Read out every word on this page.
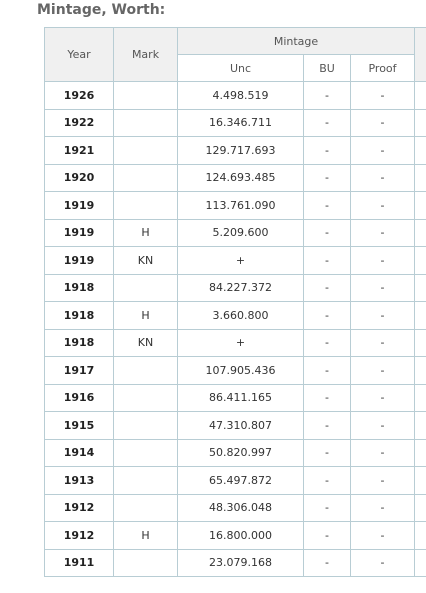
Mintage, Worth:
Year	Mark	Mintage			
		Unc	BU	Proof	
1926		4.498.519	-	-	
1922		16.346.711	-	-	
1921		129.717.693	-	-	
1920		124.693.485	-	-	
1919		113.761.090	-	-	
1919	H	5.209.600	-	-	
1919	KN	+	-	-	
1918		84.227.372	-	-	
1918	H	3.660.800	-	-	
1918	KN	+	-	-	
1917		107.905.436	-	-	
1916		86.411.165	-	-	
1915		47.310.807	-	-	
1914		50.820.997	-	-	
1913		65.497.872	-	-	
1912		48.306.048	-	-	
1912	H	16.800.000	-	-	
1911		23.079.168	-	-	
